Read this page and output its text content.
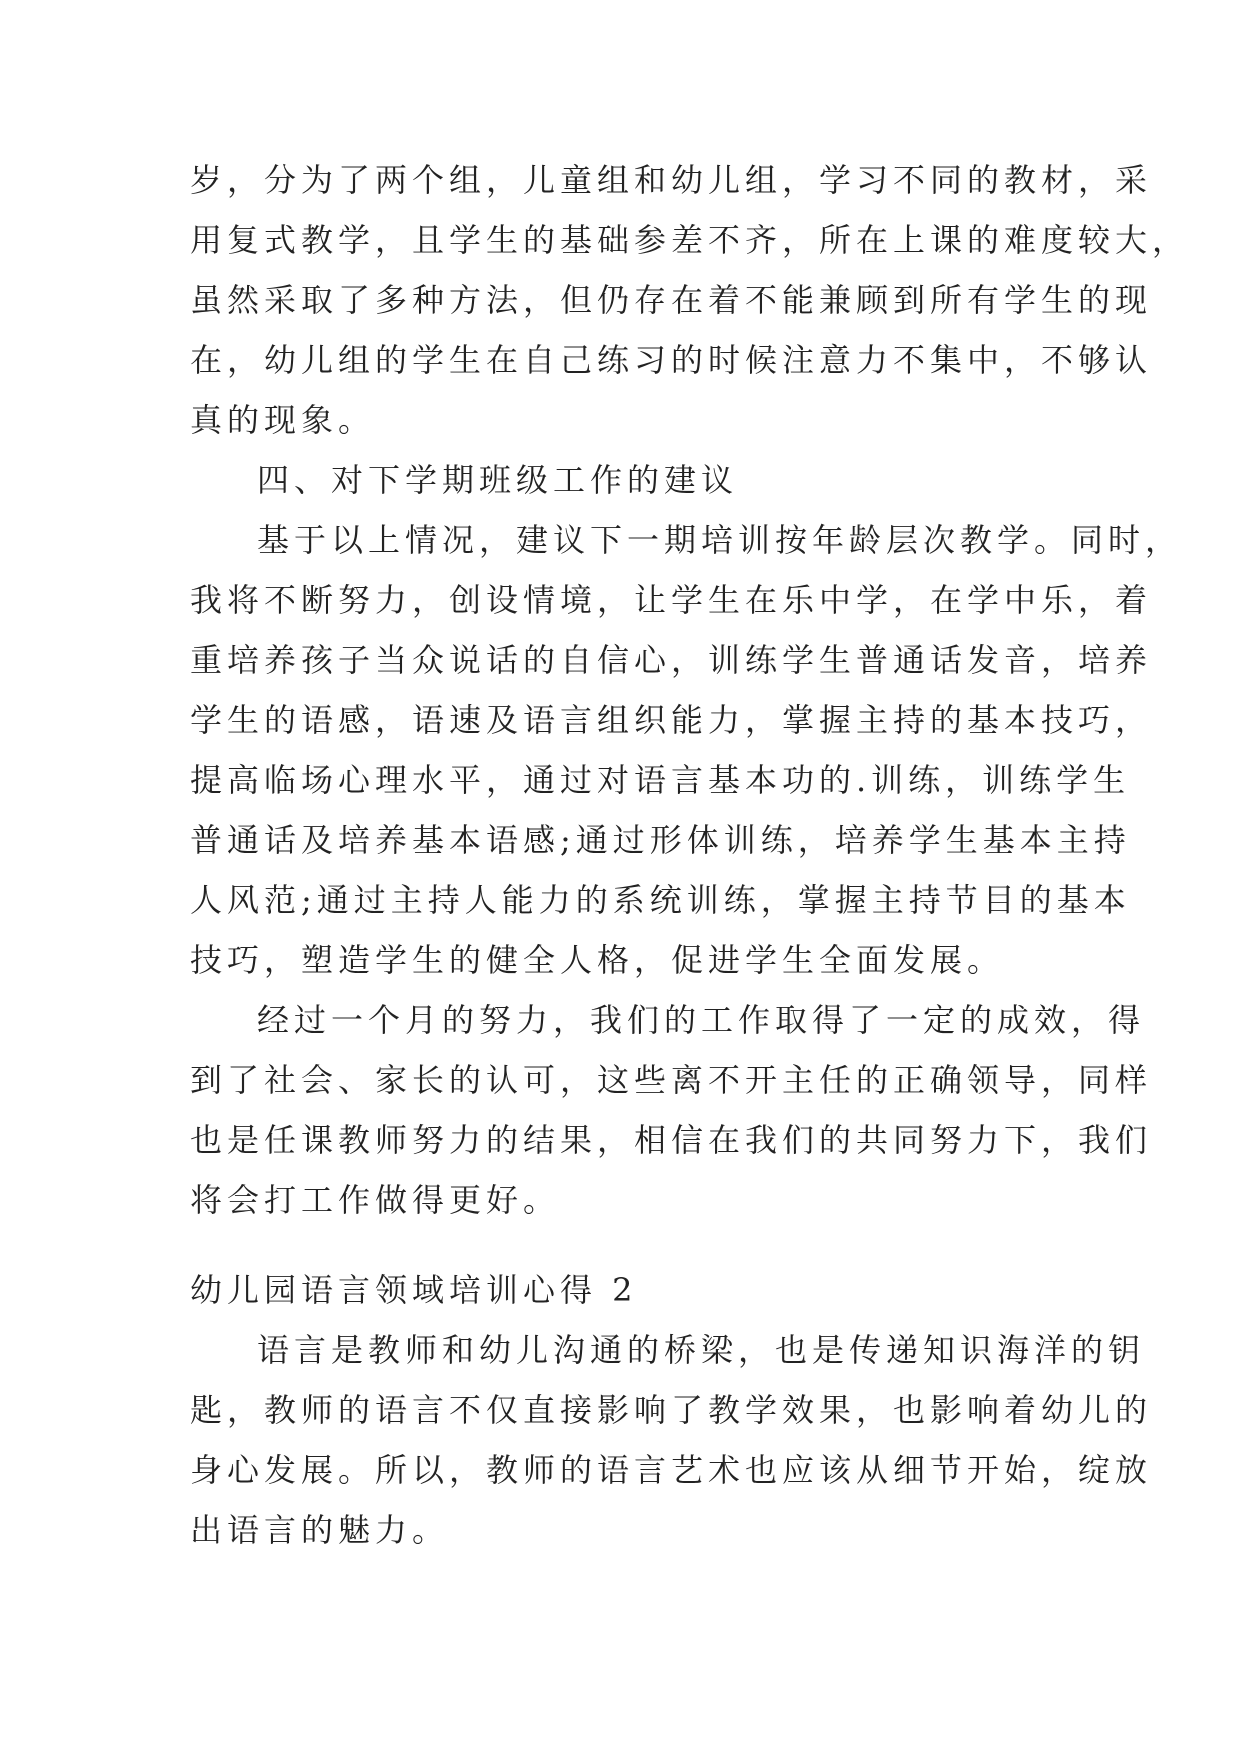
岁，分为了两个组，儿童组和幼儿组，学习不同的教材，采
用复式教学，且学生的基础参差不齐，所在上课的难度较大，
虽然采取了多种方法，但仍存在着不能兼顾到所有学生的现
在，幼儿组的学生在自己练习的时候注意力不集中，不够认
真的现象。
四、对下学期班级工作的建议
基于以上情况，建议下一期培训按年龄层次教学。同时，
我将不断努力，创设情境，让学生在乐中学，在学中乐，着
重培养孩子当众说话的自信心，训练学生普通话发音，培养
学生的语感，语速及语言组织能力，掌握主持的基本技巧，
提高临场心理水平，通过对语言基本功的.训练，训练学生
普通话及培养基本语感;通过形体训练，培养学生基本主持
人风范;通过主持人能力的系统训练，掌握主持节目的基本
技巧，塑造学生的健全人格，促进学生全面发展。
经过一个月的努力，我们的工作取得了一定的成效，得
到了社会、家长的认可，这些离不开主任的正确领导，同样
也是任课教师努力的结果，相信在我们的共同努力下，我们
将会打工作做得更好。
幼儿园语言领域培训心得 2
语言是教师和幼儿沟通的桥梁，也是传递知识海洋的钥
匙，教师的语言不仅直接影响了教学效果，也影响着幼儿的
身心发展。所以，教师的语言艺术也应该从细节开始，绽放
出语言的魅力。
